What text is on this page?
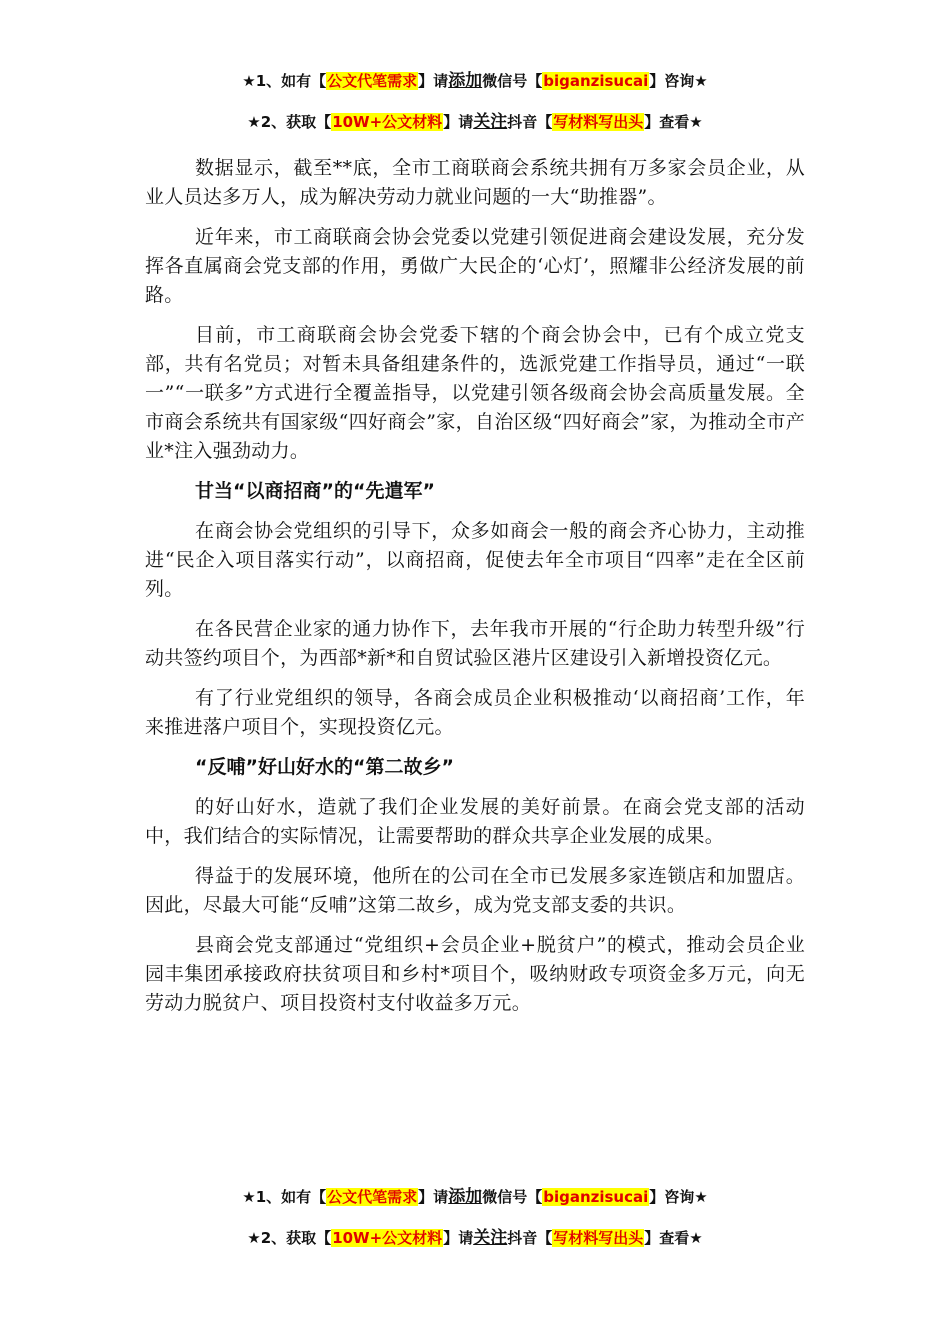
★1、如有【公文代笔需求】请添加微信号【biganzisucai】咨询★
★2、获取【10W+公文材料】请关注抖音【写材料写出头】查看★

数据显示，截至**底，全市工商联商会系统共拥有万多家会员企业，从业人员达多万人，成为解决劳动力就业问题的一大“助推器”。

近年来，市工商联商会协会党委以党建引领促进商会建设发展，充分发挥各直属商会党支部的作用，勇做广大民企的‘心灯’，照耀非公经济发展的前路。

目前，市工商联商会协会党委下辖的个商会协会中，已有个成立党支部，共有名党员；对暂未具备组建条件的，选派党建工作指导员，通过“一联一”“一联多”方式进行全覆盖指导，以党建引领各级商会协会高质量发展。全市商会系统共有国家级“四好商会”家，自治区级“四好商会”家，为推动全市产业*注入强劲动力。

甘当“以商招商”的“先遣军”

在商会协会党组织的引导下，众多如商会一般的商会齐心协力，主动推进“民企入项目落实行动”，以商招商，促使去年全市项目“四率”走在全区前列。

在各民营企业家的通力协作下，去年我市开展的“行企助力转型升级”行动共签约项目个，为西部*新*和自贸试验区港片区建设引入新增投资亿元。

有了行业党组织的领导，各商会成员企业积极推动‘以商招商’工作，年来推进落户项目个，实现投资亿元。

“反哺”好山好水的“第二故乡”

的好山好水，造就了我们企业发展的美好前景。在商会党支部的活动中，我们结合的实际情况，让需要帮助的群众共享企业发展的成果。

得益于的发展环境，他所在的公司在全市已发展多家连锁店和加盟店。因此，尽最大可能“反哺”这第二故乡，成为党支部支委的共识。

县商会党支部通过“党组织+会员企业+脱贫户”的模式，推动会员企业园丰集团承接政府扶贫项目和乡村*项目个，吸纳财政专项资金多万元，向无劳动力脱贫户、项目投资村支付收益多万元。

★1、如有【公文代笔需求】请添加微信号【biganzisucai】咨询★
★2、获取【10W+公文材料】请关注抖音【写材料写出头】查看★
